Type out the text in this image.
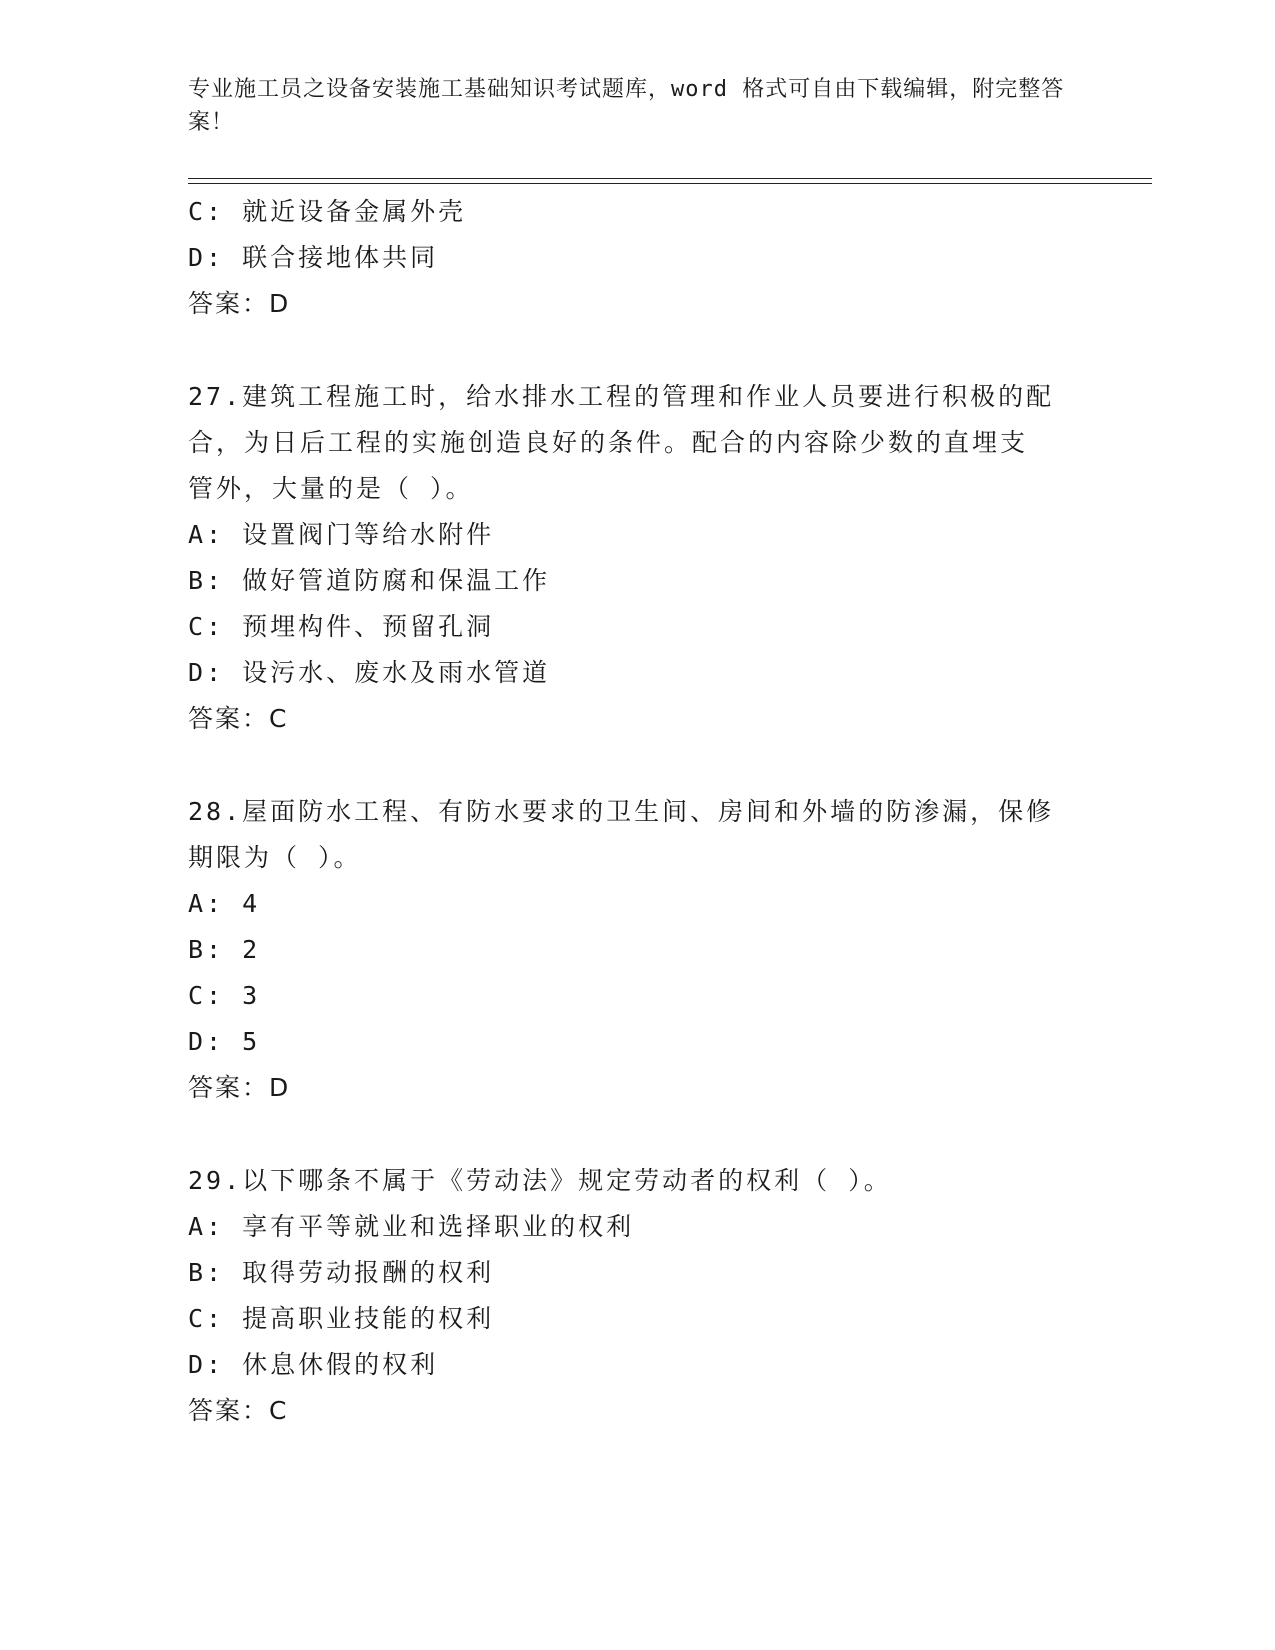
专业施工员之设备安装施工基础知识考试题库，word 格式可自由下载编辑，附完整答案！

C: 就近设备金属外壳

D: 联合接地体共同

答案：D

27.建筑工程施工时，给水排水工程的管理和作业人员要进行积极的配

合，为日后工程的实施创造良好的条件。配合的内容除少数的直埋支

管外，大量的是（ ）。

A: 设置阀门等给水附件

B: 做好管道防腐和保温工作

C: 预埋构件、预留孔洞

D: 设污水、废水及雨水管道

答案：C

28.屋面防水工程、有防水要求的卫生间、房间和外墙的防渗漏，保修

期限为（ ）。

A: 4

B: 2

C: 3

D: 5

答案：D

29.以下哪条不属于《劳动法》规定劳动者的权利（ ）。

A: 享有平等就业和选择职业的权利

B: 取得劳动报酬的权利

C: 提高职业技能的权利

D: 休息休假的权利

答案：C
